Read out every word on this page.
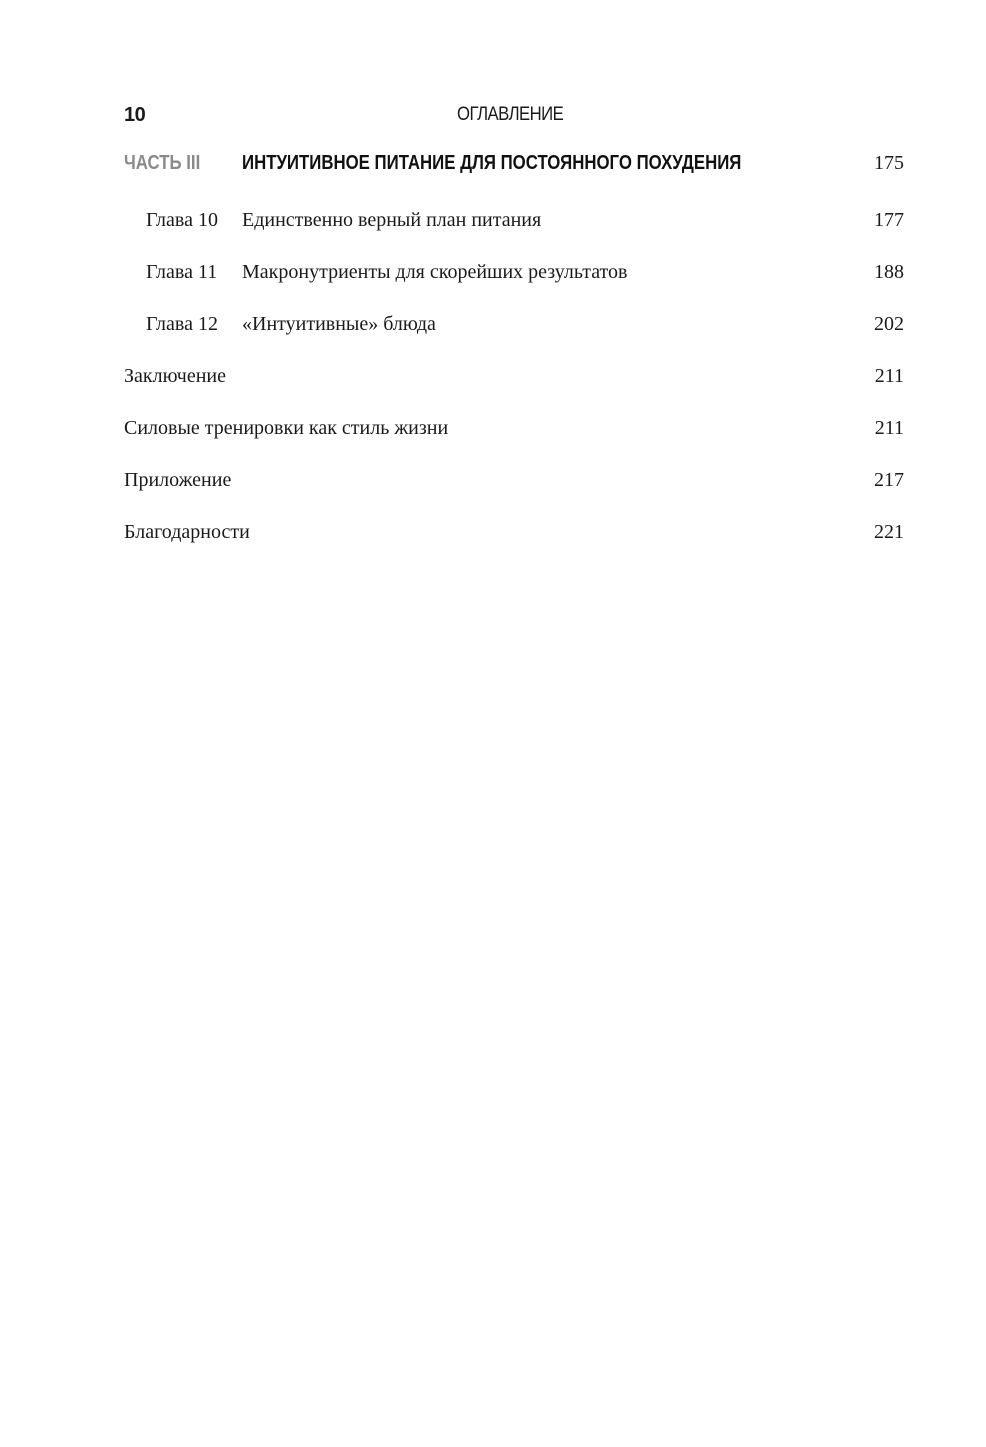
10	ОГЛАВЛЕНИЕ
ЧАСТЬ III ИНТУИТИВНОЕ ПИТАНИЕ ДЛЯ ПОСТОЯННОГО ПОХУДЕНИЯ	175
Глава 10 Единственно верный план питания	177
Глава 11 Макронутриенты для скорейших результатов	188
Глава 12 «Интуитивные» блюда	202
Заключение	211
Силовые тренировки как стиль жизни	211
Приложение	217
Благодарности	221
